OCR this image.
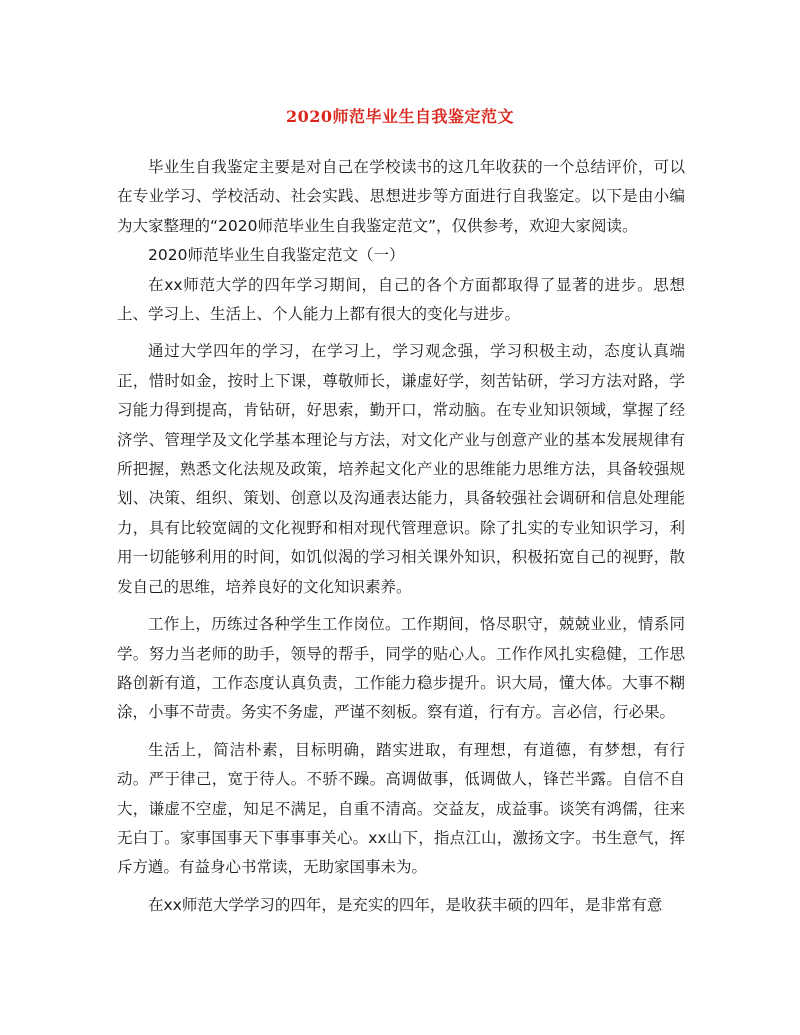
2020师范毕业生自我鉴定范文

毕业生自我鉴定主要是对自己在学校读书的这几年收获的一个总结评价，可以在专业学习、学校活动、社会实践、思想进步等方面进行自我鉴定。以下是由小编为大家整理的“2020师范毕业生自我鉴定范文”，仅供参考，欢迎大家阅读。

2020师范毕业生自我鉴定范文（一）

在xx师范大学的四年学习期间，自己的各个方面都取得了显著的进步。思想上、学习上、生活上、个人能力上都有很大的变化与进步。

通过大学四年的学习，在学习上，学习观念强，学习积极主动，态度认真端正，惜时如金，按时上下课，尊敬师长，谦虚好学，刻苦钻研，学习方法对路，学习能力得到提高，肯钻研，好思索，勤开口，常动脑。在专业知识领域，掌握了经济学、管理学及文化学基本理论与方法，对文化产业与创意产业的基本发展规律有所把握，熟悉文化法规及政策，培养起文化产业的思维能力思维方法，具备较强规划、决策、组织、策划、创意以及沟通表达能力，具备较强社会调研和信息处理能力，具有比较宽阔的文化视野和相对现代管理意识。除了扎实的专业知识学习，利用一切能够利用的时间，如饥似渴的学习相关课外知识，积极拓宽自己的视野，散发自己的思维，培养良好的文化知识素养。

工作上，历练过各种学生工作岗位。工作期间，恪尽职守，兢兢业业，情系同学。努力当老师的助手，领导的帮手，同学的贴心人。工作作风扎实稳健，工作思路创新有道，工作态度认真负责，工作能力稳步提升。识大局，懂大体。大事不糊涂，小事不苛责。务实不务虚，严谨不刻板。察有道，行有方。言必信，行必果。

生活上，简洁朴素，目标明确，踏实进取，有理想，有道德，有梦想，有行动。严于律己，宽于待人。不骄不躁。高调做事，低调做人，锋芒半露。自信不自大，谦虚不空虚，知足不满足，自重不清高。交益友，成益事。谈笑有鸿儒，往来无白丁。家事国事天下事事事关心。xx山下，指点江山，激扬文字。书生意气，挥斥方遒。有益身心书常读，无助家国事未为。

在xx师范大学学习的四年，是充实的四年，是收获丰硕的四年，是非常有意
